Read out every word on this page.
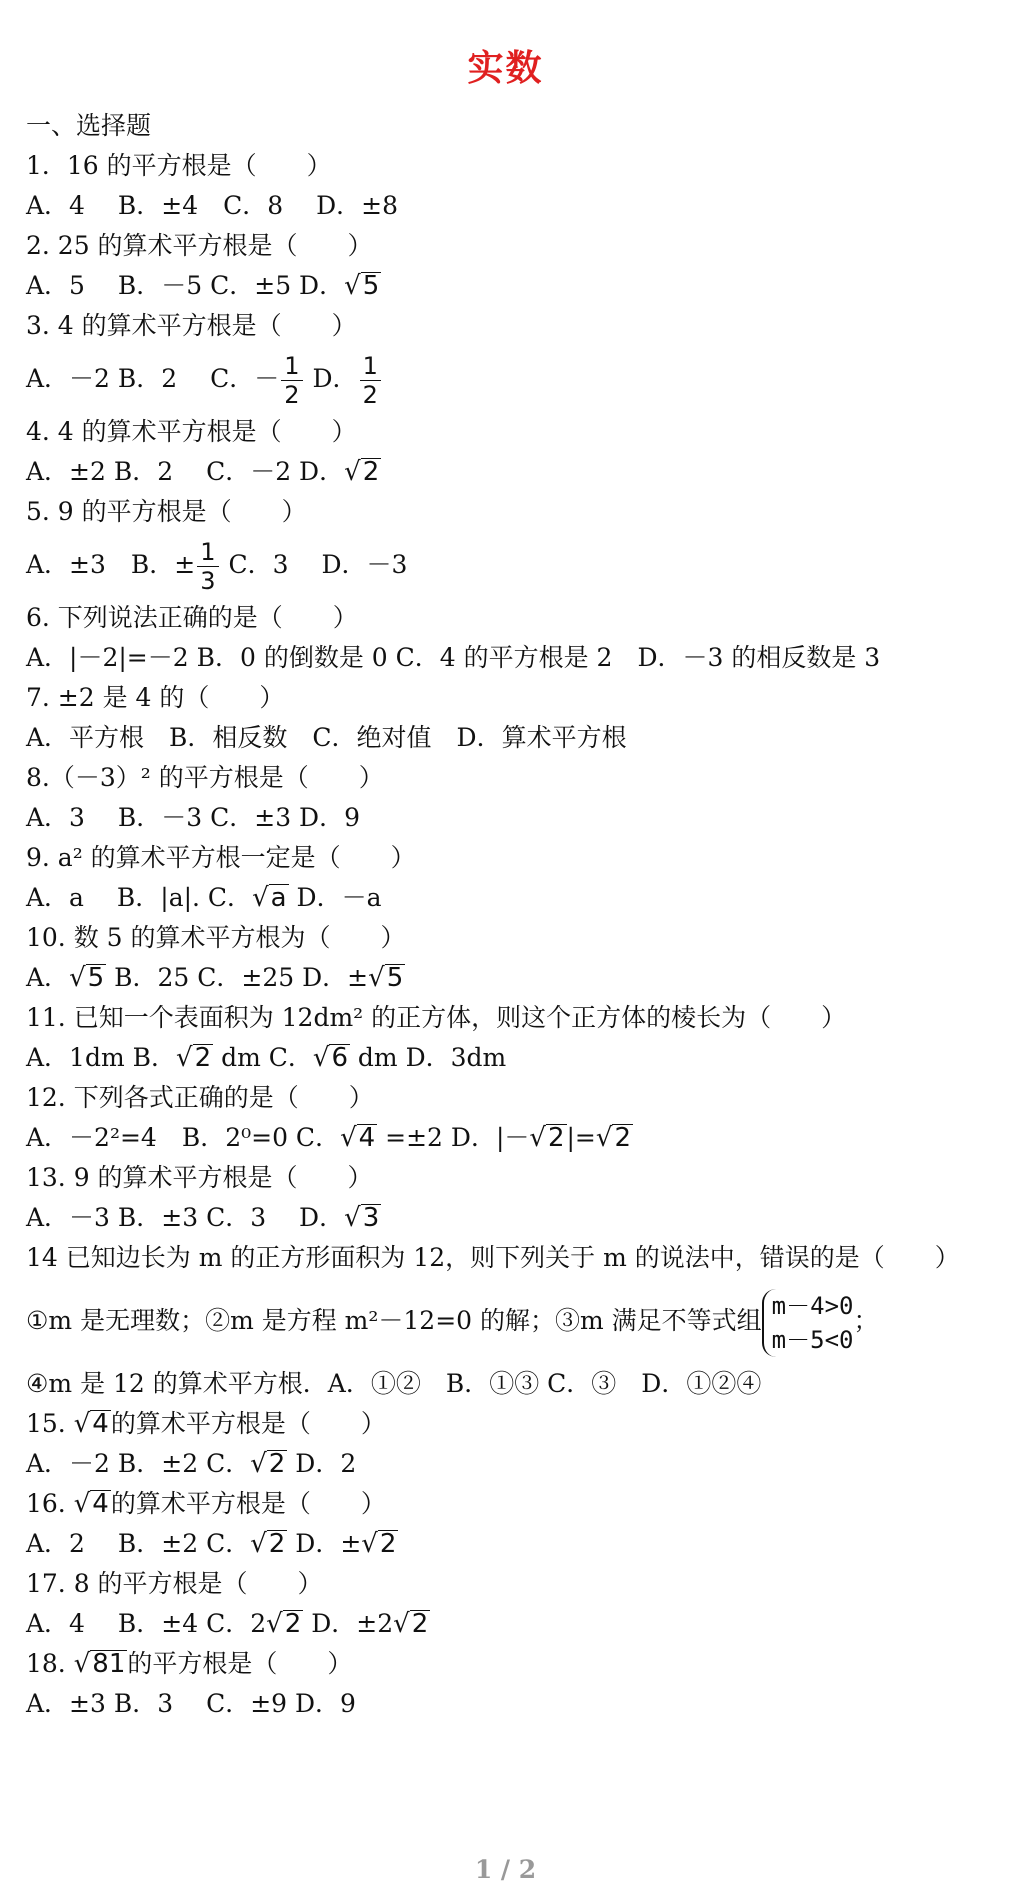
实数
一、选择题
1．16 的平方根是（　　）
A．4　 B．±4　C．8　 D．±8
2. 25 的算术平方根是（　　）
A．5　 B．－5 C．±5 D．√5
3. 4 的算术平方根是（　　）
A．－2 B．2　 C．－ $\frac{1}{2}$ D． $\frac{1}{2}$
4. 4 的算术平方根是（　　）
A．±2 B．2　 C．－2 D．√2
5. 9 的平方根是（　　）
A．±3　B．± $\frac{1}{3}$ C．3　 D．－3
6. 下列说法正确的是（　　）
A．|－2|=－2 B．0 的倒数是 0 C．4 的平方根是 2　D．－3 的相反数是 3
7. ±2 是 4 的（　　）
A．平方根　B．相反数　C．绝对值　D．算术平方根
8.（－3）² 的平方根是（　　）
A．3　 B．－3 C．±3 D．9
9. a² 的算术平方根一定是（　　）
A．a　 B．|a|. C．√a D．－a
10. 数 5 的算术平方根为（　　）
A．√5 B．25 C．±25 D．±√5
11. 已知一个表面积为 12dm² 的正方体，则这个正方体的棱长为（　　）
A．1dm B．√2 dm C．√6 dm D．3dm
12. 下列各式正确的是（　　）
A．－2²=4　B．2⁰=0 C．√4 =±2 D．|－√2|=√2
13. 9 的算术平方根是（　　）
A．－3 B．±3 C．3　 D．√3
14 已知边长为 m 的正方形面积为 12，则下列关于 m 的说法中，错误的是（　　）
①m 是无理数；②m 是方程 m²－12=0 的解；③m 满足不等式组
m－4>0
m－5<0
；
④m 是 12 的算术平方根．A．①②　B．①③ C．③　D．①②④
15. √4的算术平方根是（　　）
A．－2 B．±2 C．√2 D．2
16. √4的算术平方根是（　　）
A．2　 B．±2 C．√2 D．±√2
17. 8 的平方根是（　　）
A．4　 B．±4 C．2√2 D．±2√2
18. √81的平方根是（　　）
A．±3 B．3　 C．±9 D．9
1 / 2
